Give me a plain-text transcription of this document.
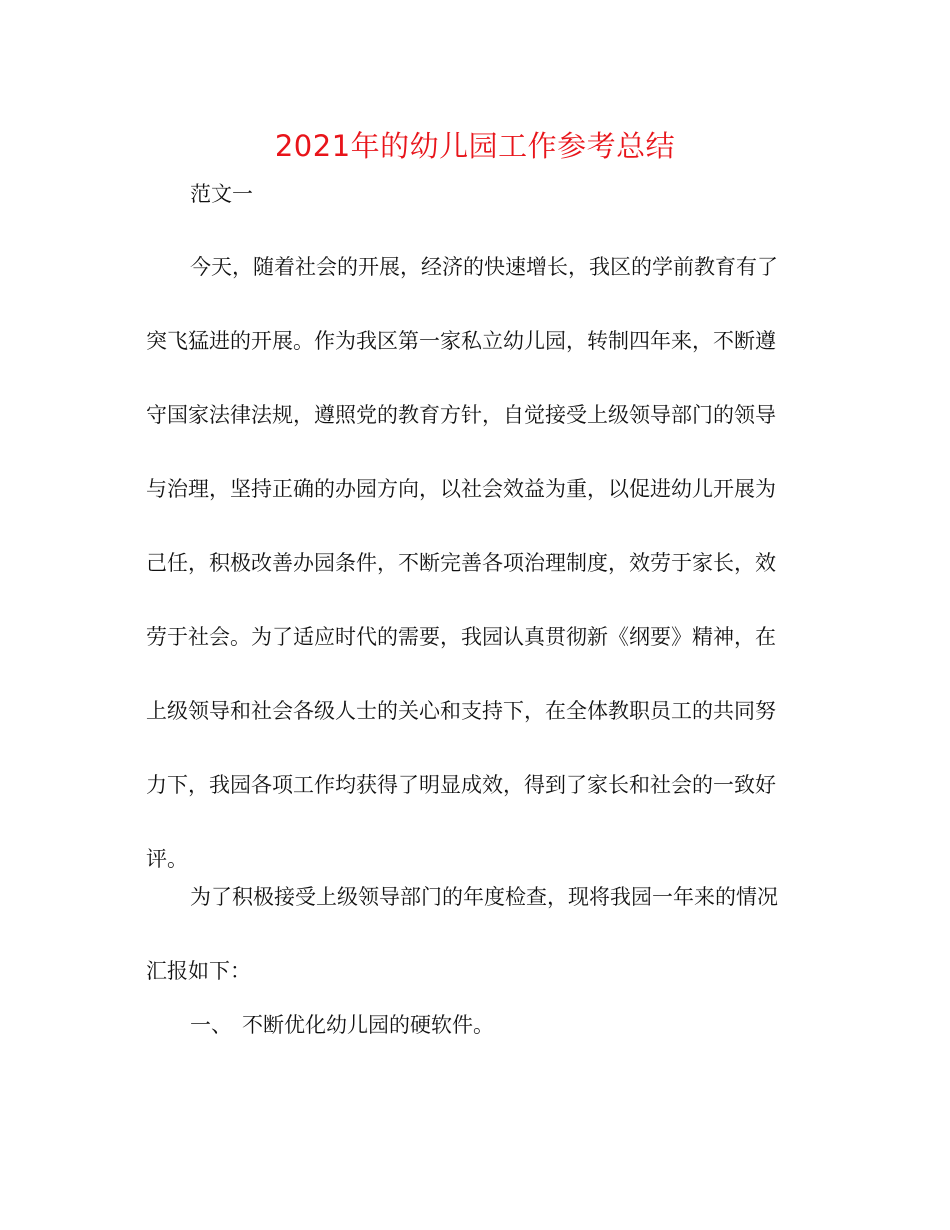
2021年的幼儿园工作参考总结
范文一
今天，随着社会的开展，经济的快速增长，我区的学前教育有了
突飞猛进的开展。作为我区第一家私立幼儿园，转制四年来，不断遵
守国家法律法规，遵照党的教育方针，自觉接受上级领导部门的领导
与治理，坚持正确的办园方向，以社会效益为重，以促进幼儿开展为
己任，积极改善办园条件，不断完善各项治理制度，效劳于家长，效
劳于社会。为了适应时代的需要，我园认真贯彻新《纲要》精神，在
上级领导和社会各级人士的关心和支持下，在全体教职员工的共同努
力下，我园各项工作均获得了明显成效，得到了家长和社会的一致好
评。
为了积极接受上级领导部门的年度检查，现将我园一年来的情况
汇报如下：
一、 不断优化幼儿园的硬软件。
